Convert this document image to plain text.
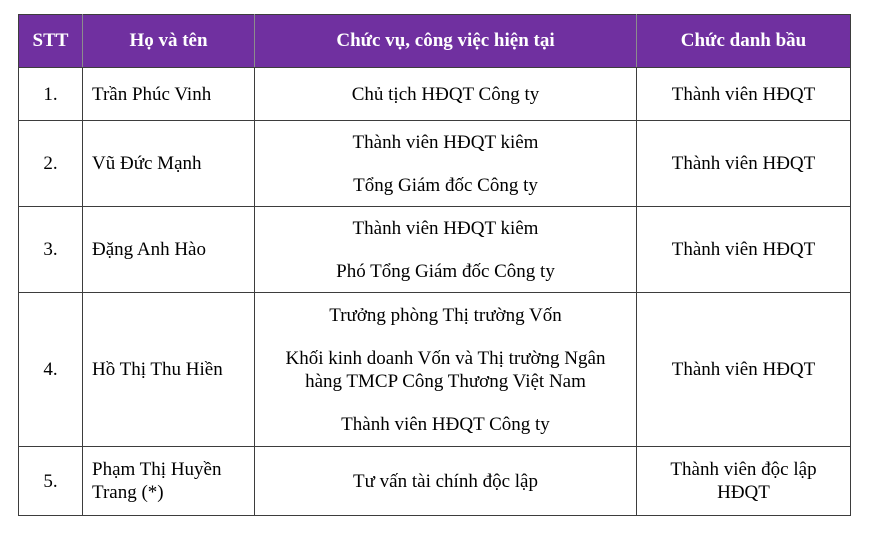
STT	Họ và tên	Chức vụ, công việc hiện tại	Chức danh bầu
1.	Trần Phúc Vinh	Chủ tịch HĐQT Công ty	Thành viên HĐQT

2.	Vũ Đức Mạnh	Thành viên HĐQT kiêm
Tổng Giám đốc Công ty	Thành viên HĐQT

3.	Đặng Anh Hào	Thành viên HĐQT kiêm
Phó Tổng Giám đốc Công ty	Thành viên HĐQT

4.	Hồ Thị Thu Hiền	Trưởng phòng Thị trường Vốn
Khối kinh doanh Vốn và Thị trường Ngân
hàng TMCP Công Thương Việt Nam
Thành viên HĐQT Công ty	Thành viên HĐQT

5.	Phạm Thị Huyền
Trang (*)	Tư vấn tài chính độc lập	Thành viên độc lập
HĐQT
